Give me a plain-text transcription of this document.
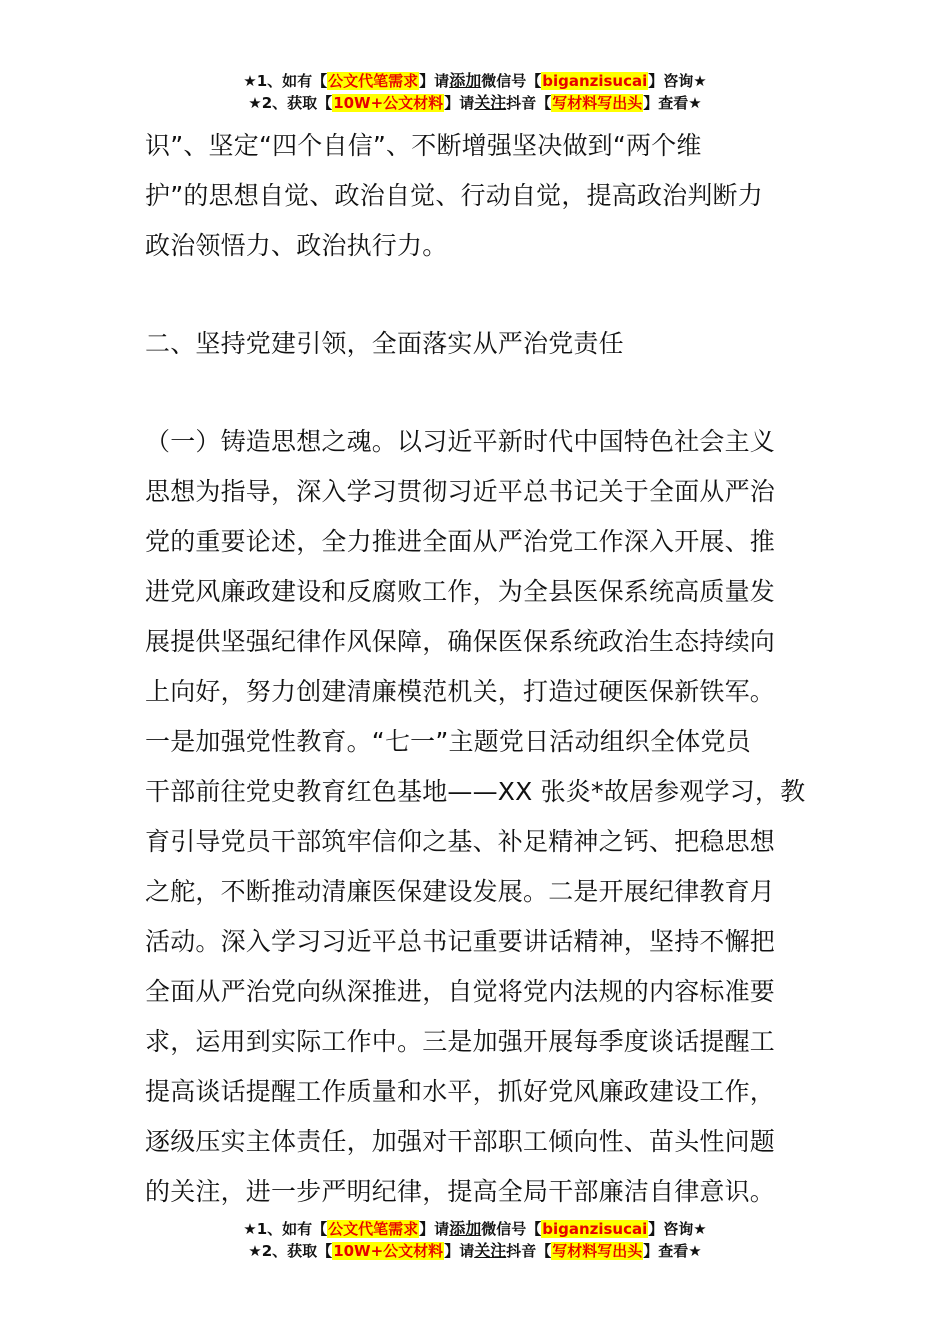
★1、如有【公文代笔需求】请添加微信号【biganzisucai】咨询★
★2、获取【10W+公文材料】请关注抖音【写材料写出头】查看★
识”、坚定“四个自信”、不断增强坚决做到“两个维
护”的思想自觉、政治自觉、行动自觉，提高政治判断力
政治领悟力、政治执行力。
二、坚持党建引领，全面落实从严治党责任
（一）铸造思想之魂。以习近平新时代中国特色社会主义
思想为指导，深入学习贯彻习近平总书记关于全面从严治
党的重要论述，全力推进全面从严治党工作深入开展、推
进党风廉政建设和反腐败工作，为全县医保系统高质量发
展提供坚强纪律作风保障，确保医保系统政治生态持续向
上向好，努力创建清廉模范机关，打造过硬医保新铁军。
一是加强党性教育。“七一”主题党日活动组织全体党员
干部前往党史教育红色基地——XX 张炎*故居参观学习，教
育引导党员干部筑牢信仰之基、补足精神之钙、把稳思想
之舵，不断推动清廉医保建设发展。二是开展纪律教育月
活动。深入学习习近平总书记重要讲话精神，坚持不懈把
全面从严治党向纵深推进，自觉将党内法规的内容标准要
求，运用到实际工作中。三是加强开展每季度谈话提醒工
提高谈话提醒工作质量和水平，抓好党风廉政建设工作，
逐级压实主体责任，加强对干部职工倾向性、苗头性问题
的关注，进一步严明纪律，提高全局干部廉洁自律意识。
★1、如有【公文代笔需求】请添加微信号【biganzisucai】咨询★
★2、获取【10W+公文材料】请关注抖音【写材料写出头】查看★
